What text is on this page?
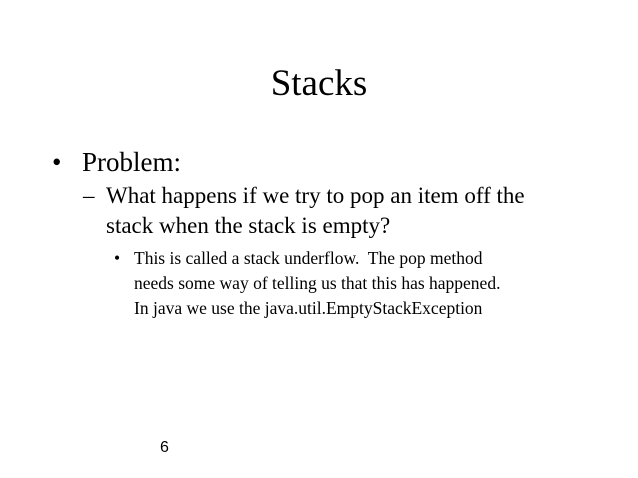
Stacks
• Problem:
– What happens if we try to pop an item off the stack when the stack is empty?
• This is called a stack underflow.  The pop method
needs some way of telling us that this has happened.
In java we use the java.util.EmptyStackException
6
